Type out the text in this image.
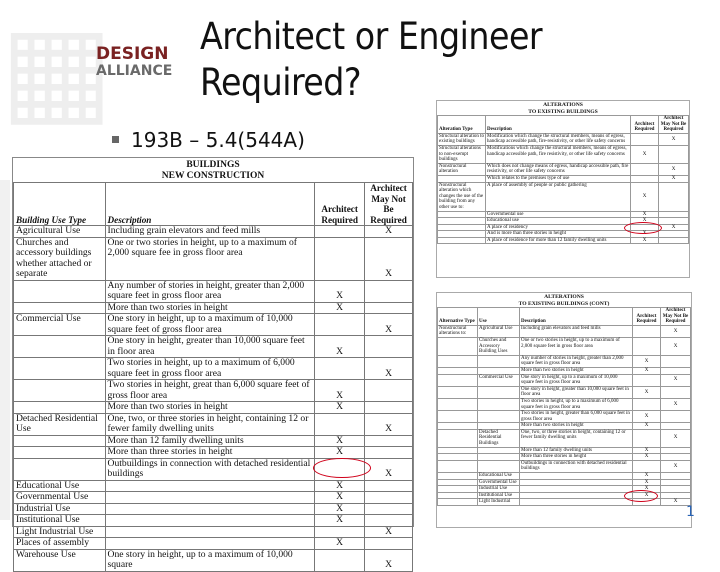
▦
DESIGN
ALLIANCE
Architect or Engineer
Required?
193B – 5.4(544A)
BUILDINGS
NEW CONSTRUCTION
Building Use Type	Description	Architect Required	Architect May Not Be Required
Agricultural Use	Including grain elevators and feed mills		X
Churches and accessory buildings whether attached or separate	One or two stories in height, up to a maximum of 2,000 square fee in gross floor area		X
	Any number of stories in height, greater than 2,000 square feet in gross floor area	X	
	More than two stories in height	X	
Commercial Use	One story in height, up to a maximum of 10,000 square feet of gross floor area		X
	One story in height, greater than 10,000 square feet in floor area	X	
	Two stories in height, up to a maximum of 6,000 square feet in gross floor area		X
	Two stories in height, great than 6,000 square feet of gross floor area	X	
	More than two stories in height	X	
Detached Residential Use	One, two, or three stories in height, containing 12 or fewer family dwelling units		X
	More than 12 family dwelling units	X	
	More than three stories in height	X	
	Outbuildings in connection with detached residential buildings		X
Educational Use		X	
Governmental Use		X	
Industrial Use		X	
Institutional Use		X	
Light Industrial Use			X
Places of assembly		X	
Warehouse Use	One story in height, up to a maximum of 10,000 square		X
ALTERATIONS
TO EXISTING BUILDINGS
Alteration Type	Description	Architect Required	Architect May Not Be Required
Structural alteration to existing buildings	Modification which change the structural members, means of egress, handicap accessible path, fire-resistivity, or other life safety concerns		X
Structural alterations to non-exempt buildings	Modifications which change the structural members, means of egress, handicap accessible path, fire resistivity, or other life safety concerns	X	
Nonstructural alteration	Which does not change means of egress, handicap accessible path, fire resistivity, or other life safety concerns		X
	Which relates to the premises type of use		X
Nonstructural alteration which changes the use of the building from any other use to:	A place of assembly of people or public gathering	X	
	Governmental use	X	
	Educational use	X	
	A place of residency		X
	And is more than three stories in height	X	
	A place of residence for more than 12 family dwelling units	X	
ALTERATIONS
TO EXISTING BUILDINGS (CONT)
Alternative Type	Use	Description	Architect Required	Architect May Not Be Required
Nonstructural alterations to:	Agricultural Use	Including grain elevators and feed mills		X
	Churches and Accessory Building Uses	One or two stories in height, up to a maximum of 2,000 square feet in gross floor area		X
		Any number of stories in height, greater than 2,000 square feet in gross floor area	X	
		More than two stories in height	X	
	Commercial Use	One story in height, up to a maximum of 10,000 square feet in gross floor area		X
		One story in height, greater than 10,000 square feet in floor area	X	
		Two stories in height, up to a maximum of 6,000 square feet in gross floor area		X
		Two stories in height, greater than 6,000 square feet in gross floor area	X	
		More than two stories in height	X	
	Detached Residential Buildings	One, two, or three stories in height, containing 12 or fewer family dwelling units		X
		More than 12 family dwelling units	X	
		More than three stories in height	X	
		Outbuildings in connection with detached residential buildings		X
	Educational Use		X	
	Governmental Use		X	
	Industrial Use		X	
	Institutional Use		X	
	Light Industrial			X
1
